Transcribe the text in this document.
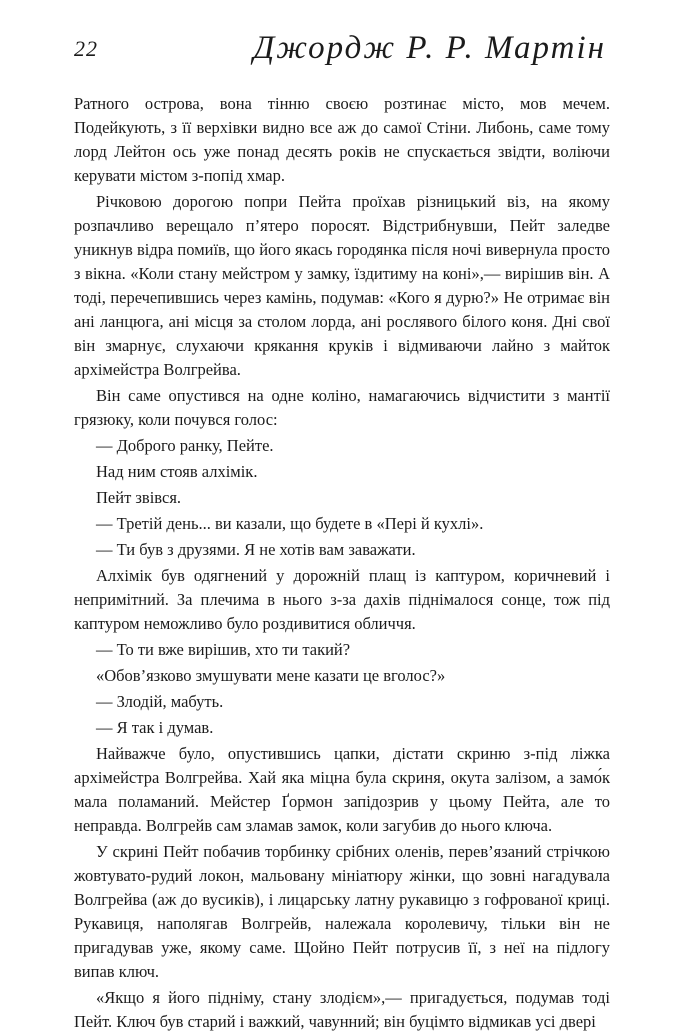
22	Джордж Р. Р. Мартін

Ратного острова, вона тінню своєю розтинає місто, мов мечем. Подейкують, з її верхівки видно все аж до самої Стіни. Либонь, саме тому лорд Лейтон ось уже понад десять років не спускається звідти, воліючи керувати містом з-попід хмар.

Річковою дорогою попри Пейта проїхав різницький віз, на якому розпачливо верещало п’ятеро поросят. Відстрибнувши, Пейт заледве уникнув відра помиїв, що його якась городянка після ночі вивернула просто з вікна. «Коли стану мейстром у замку, їздитиму на коні»,— вирішив він. А тоді, перечепившись через камінь, подумав: «Кого я дурю?» Не отримає він ані ланцюга, ані місця за столом лорда, ані рослявого білого коня. Дні свої він змарнує, слухаючи крякання круків і відмиваючи лайно з майток архімейстра Волгрейва.

Він саме опустився на одне коліно, намагаючись відчистити з мантії грязюку, коли почувся голос:

— Доброго ранку, Пейте.

Над ним стояв алхімік.

Пейт звівся.

— Третій день... ви казали, що будете в «Пері й кухлі».

— Ти був з друзями. Я не хотів вам заважати.

Алхімік був одягнений у дорожній плащ із каптуром, коричневий і непримітний. За плечима в нього з-за дахів піднімалося сонце, тож під каптуром неможливо було роздивитися обличчя.

— То ти вже вирішив, хто ти такий?

«Обов’язково змушувати мене казати це вголос?»

— Злодій, мабуть.

— Я так і думав.

Найважче було, опустившись цапки, дістати скриню з-під ліжка архімейстра Волгрейва. Хай яка міцна була скриня, окута залізом, а замо́к мала поламаний. Мейстер Ґормон запідозрив у цьому Пейта, але то неправда. Волгрейв сам зламав замок, коли загубив до нього ключа.

У скрині Пейт побачив торбинку срібних оленів, перев’язаний стрічкою жовтувато-рудий локон, мальовану мініатюру жінки, що зовні нагадувала Волгрейва (аж до вусиків), і лицарську латну рукавицю з гофрованої криці. Рукавиця, наполягав Волгрейв, належала королевичу, тільки він не пригадував уже, якому саме. Щойно Пейт потрусив її, з неї на підлогу випав ключ.

«Якщо я його підніму, стану злодієм»,— пригадується, подумав тоді Пейт. Ключ був старий і важкий, чавунний; він буцімто відмикав усі двері
